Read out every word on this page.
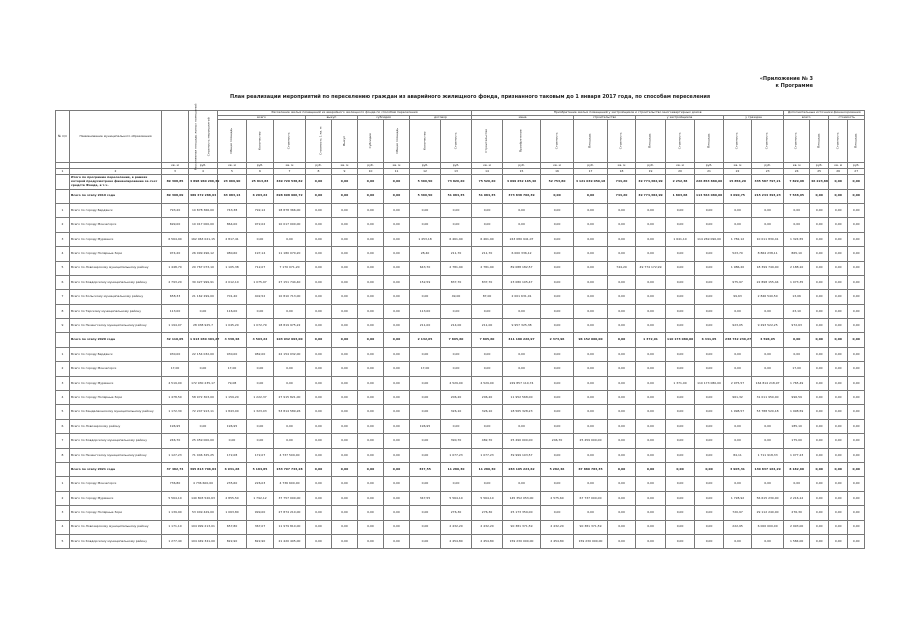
«Приложение № 3
к Программе
План реализации мероприятий по переселению граждан из аварийного жилищного фонда, признанного таковым до 1 января 2017 года, по способам переселения
№ п/п	Наименование муниципального образования	Расселяемая площадь жилых помещений	Стоимость мероприятий	Расселение жилых помещений из аварийного жилищного фонда по способам переселения									Приобретение жилых помещений у застройщиков и строительство многоквартирных домов										Дополнительные источники финансирования			
				всего			выкуп		субсидия		договор		мена			строительство		у застройщиков			у граждан		всего		стоимость	
				Общая площадь	Количество	Стоимость	Стоимость 1 кв. м	Выкуп	Субсидия	Общая площадь	Количество	Стоимость	Строительство	Приобретение	Стоимость	Площадь	Стоимость	Площадь	Стоимость	Площадь	Стоимость	Стоимость	Стоимость	Площадь	Стоимость	Площадь
		кв. м	руб.	кв. м	руб.	кв. м	руб.	кв. м	руб.	кв. м	руб.	руб.	кв. м	руб.	кв. м	руб.	кв. м	руб.	кв. м	руб.	кв. м	руб.	кв. м	руб.	кв. м	руб.
1	2	3	4	5	6	7	8	9	10	11	12	13	14	15	16	17	18	19	20	21	22	23	24	25	26	27
	Итого по программе переселения, в рамках которой предусмотрено финансирование за счет средств Фонда, в т.ч.	89 398,85	4 898 960 266,39	23 069,90	25 813,83	469 720 538,82	0,00	0,00	0,00	0,00	5 366,50	73 826,20	75 526,20	4 099 252 165,46	52 753,80	4 121 049 050,18	744,20	49 774,382,99	2 252,38	226 853 880,00	15 856,20	335 587 797,21	7 829,98	46 223,88	0,00	0,00
	Всего по этапу 2019 года	89 398,09	489 472 288,94	63 083,14	6 203,22	698 698 906,72	0,00	0,00	0,00	0,00	5 366,50	51 084,35	51 084,35	373 838 706,39	0,00	0,00	744,20	49 774,382,99	1 803,68	114 564 080,00	4 090,75	215 244 393,23	7 548,95	0,00	0,00	0,00
1	Всего по городу Бердянск	793,20	10 878 366,00	743,38	792,12	18 878 366,00	0,00	0,00	0,00	0,00	0,00	0,00	0,00	0,00	0,00	0,00	0,00	0,00	0,00	0,00	0,00	0,00	0,00	0,00	0,00	0,00
2	Всего по городу Мончегорск	699,00	10 017 000,00	864,00	972,02	10 017 000,00	0,00	0,00	0,00	0,00	0,00	0,00	0,00	0,00	0,00	0,00	0,00	0,00	0,00	0,00	0,00	0,00	0,00	0,00	0,00	0,00
3	Всего по городу Мурманск	6 564,90	162 063 021,15	2 817,41	0,00	0,00	0,00	0,00	0,00	0,00	1 453,18	6 461,90	6 461,90	243 080 941,07	0,00	0,00	0,00	0,00	1 641,10	114 269 090,00	1 782,12	10 011 830,41	1 324,55	0,00	0,00	0,00
4	Всего по городу Полярные Зори	974,20	26 099 296,12	980,60	197,14	11 180 070,20	0,00	0,00	0,00	0,00	28,40	211,70	211,70	6 000 336,12	0,00	0,00	0,00	0,00	0,00	0,00	523,70	8 864 238,11	865,10	0,00	0,00	0,00
5	Всего по Ловозерскому муниципальному району	1 448,70	20 767 073,10	1 105,38	712,07	7 170 071,20	0,00	0,00	0,00	0,00	643,70	2 781,90	2 781,90	89 088 182,57	0,00	0,00	744,20	49 774 172,99	0,00	0,00	1 986,20	18 399 749,00	2 188,10	0,00	0,00	0,00
6	Всего по Ковдорскому муниципальному району	2 793,20	30 427 999,91	2 012,10	1 075,97	27 151 744,40	0,00	0,00	0,00	0,00	152,59	837,70	837,70	23 080 105,47	0,00	0,00	0,00	0,00	0,00	0,00	975,97	22 898 155,44	1 073,35	0,00	0,00	0,00
7	Всего по Кольскому муниципальному району	658,33	21 162 299,00	701,40	402,52	10 810 713,00	0,00	0,00	0,00	0,00	0,00	49,00	87,00	2 001 631,01	0,00	0,00	0,00	0,00	0,00	0,00	99,63	2 846 540,50	13,06	0,00	0,00	0,00
8	Всего по Терскому муниципальному району	113,00	0,00	116,00	0,00	0,00	0,00	0,00	0,00	0,00	113,00	0,00	0,00	0,00	0,00	0,00	0,00	0,00	0,00	0,00	0,00	0,00	23,10	0,00	0,00	0,00
9	Всего по Печенгскому муниципальному району	1 194,07	28 038 925,7	1 045,20	1 072,79	18 819 975,22	0,00	0,00	0,00	0,00	211,00	214,00	211,00	9 957 325,38	0,00	0,00	0,00	0,00	0,00	0,00	923,05	9 293 522,25	972,63	0,00	0,00	0,00
	Всего по этапу 2020 года	32 110,05	1 913 030 404,27	4 338,48	4 593,22	103 942 993,00	0,00	0,00	0,00	0,00	2 132,65	7 895,60	7 895,60	411 180 226,97	2 373,96	96 152 000,00	0,00	1 372,91	110 173 080,00	6 441,05	238 742 236,27	4 596,95	0,00	0,00	0,00	0,00
1	Всего по городу Бердянск	930,00	22 154 032,00	930,00	982,00	22 154 032,00	0,00	0,00	0,00	0,00	0,00	0,00	0,00	0,00	0,00	0,00	0,00	0,00	0,00	0,00	0,00	0,00	0,00	0,00	0,00	0,00
2	Всего по городу Мончегорск	17,00	0,00	17,00	0,00	0,00	0,00	0,00	0,00	0,00	17,00	0,00	0,00	0,00	0,00	0,00	0,00	0,00	0,00	0,00	0,00	0,00	17,00	0,00	0,00	0,00
3	Всего по городу Мурманск	4 519,00	172 930 235,17	79,08	0,00	0,00	0,00	0,00	0,00	0,00	0,00	4 529,00	4 529,00	229 857 110,74	0,00	0,00	0,00	0,00	1 371,00	110 173 080,00	2 975,57	164 814 218,97	1 765,49	0,00	0,00	0,00
4	Всего по городу Полярные Зори	1 478,50	58 972 303,00	1 159,20	1 222,37	27 915 821,00	0,00	0,00	0,00	0,00	0,00	206,20	206,20	11 952 568,00	0,00	0,00	0,00	0,00	0,00	0,00	961,32	31 011 950,00	996,59	0,00	0,00	0,00
5	Всего по Кандалакшскому муниципальному району	1 172,30	72 247 913,11	1 843,00	1 323,03	53 814 589,26	0,00	0,00	0,00	0,00	0,00	326,10	326,10	18 565 328,23	0,00	0,00	0,00	0,00	0,00	0,00	1 998,57	53 788 520,18	1 998,59	0,00	0,00	0,00
6	Всего по Ловозерскому району	196,95	0,00	196,95	0,00	0,00	0,00	0,00	0,00	0,00	196,95	0,00	0,00	0,00	0,00	0,00	0,00	0,00	0,00	0,00	0,00	0,00	185,10	0,00	0,00	0,00
7	Всего по Ковдорскому муниципальному району	246,70	25 459 000,00	0,00	0,00	0,00	0,00	0,00	0,00	0,00	0,00	390,70	482,70	25 490 000,00	246,70	25 459 000,00	0,00	0,00	0,00	0,00	0,00	0,00	175,00	0,00	0,00	0,00
8	Всего по Печенгскому муниципальному району	1 127,23	71 046 325,25	172,08	172,07	4 737 509,00	0,00	0,00	0,00	0,00	0,00	1 077,23	1 077,23	39 999 103,57	0,00	0,00	0,00	0,00	0,00	0,00	84,11	1 711 918,33	1 077,23	0,00	0,00	0,00
	Всего по этапу 2021 года	37 482,74	395 813 706,84	6 931,28	5 184,85	153 797 743,28	0,00	0,00	0,00	0,00	347,55	11 280,30	11 280,30	283 105 224,62	5 282,46	67 880 783,35	0,00	0,00	0,00	0,00	3 905,31	130 837 164,29	8 182,60	0,00	0,00	0,00
1	Всего по городу Мончегорск	736,80	4 736 600,00	235,60	226,03	4 736 600,00	0,00	0,00	0,00	0,00	0,00	0,00	0,00	0,00	0,00	0,00	0,00	0,00	0,00	0,00	0,00	0,00	0,00	0,00	0,00	0,00
2	Всего по городу Мурманск	5 564,10	140 803 520,63	2 855,50	1 792,12	37 757 000,00	0,00	0,00	0,00	0,00	347,55	5 564,10	5 564,10	145 352 053,00	2 575,60	67 737 000,00	0,00	0,00	0,00	0,00	1 728,92	56 615 230,00	2 216,12	0,00	0,00	0,00
3	Всего по городу Полярные Зори	1 139,90	53 049 429,00	1 063,80	999,00	27 874 210,00	0,00	0,00	0,00	0,00	0,00	276,30	276,30	25 173 359,00	0,00	0,00	0,00	0,00	0,00	0,00	720,97	29 112 240,00	276,30	0,00	0,00	0,00
4	Всего по Ловозерскому муниципальному району	1 171,10	104 999 213,01	657,80	367,07	11 979 810,00	0,00	0,00	0,00	0,00	0,00	2 432,20	2 432,20	90 381 371,59	2 432,20	90 381 371,59	0,00	0,00	0,00	0,00	222,95	6 000 000,00	2 993,00	0,00	0,00	0,00
5	Всего по Ковдорскому муниципальному району	1 277,40	104 449 341,00	822,90	822,90	21 420 405,00	0,00	0,00	0,00	0,00	0,00	2 454,80	2 454,80	159 230 000,00	2 454,80	159 230 000,00	0,00	0,00	0,00	0,00	0,00	0,00	1 584,00	0,00	0,00	0,00
